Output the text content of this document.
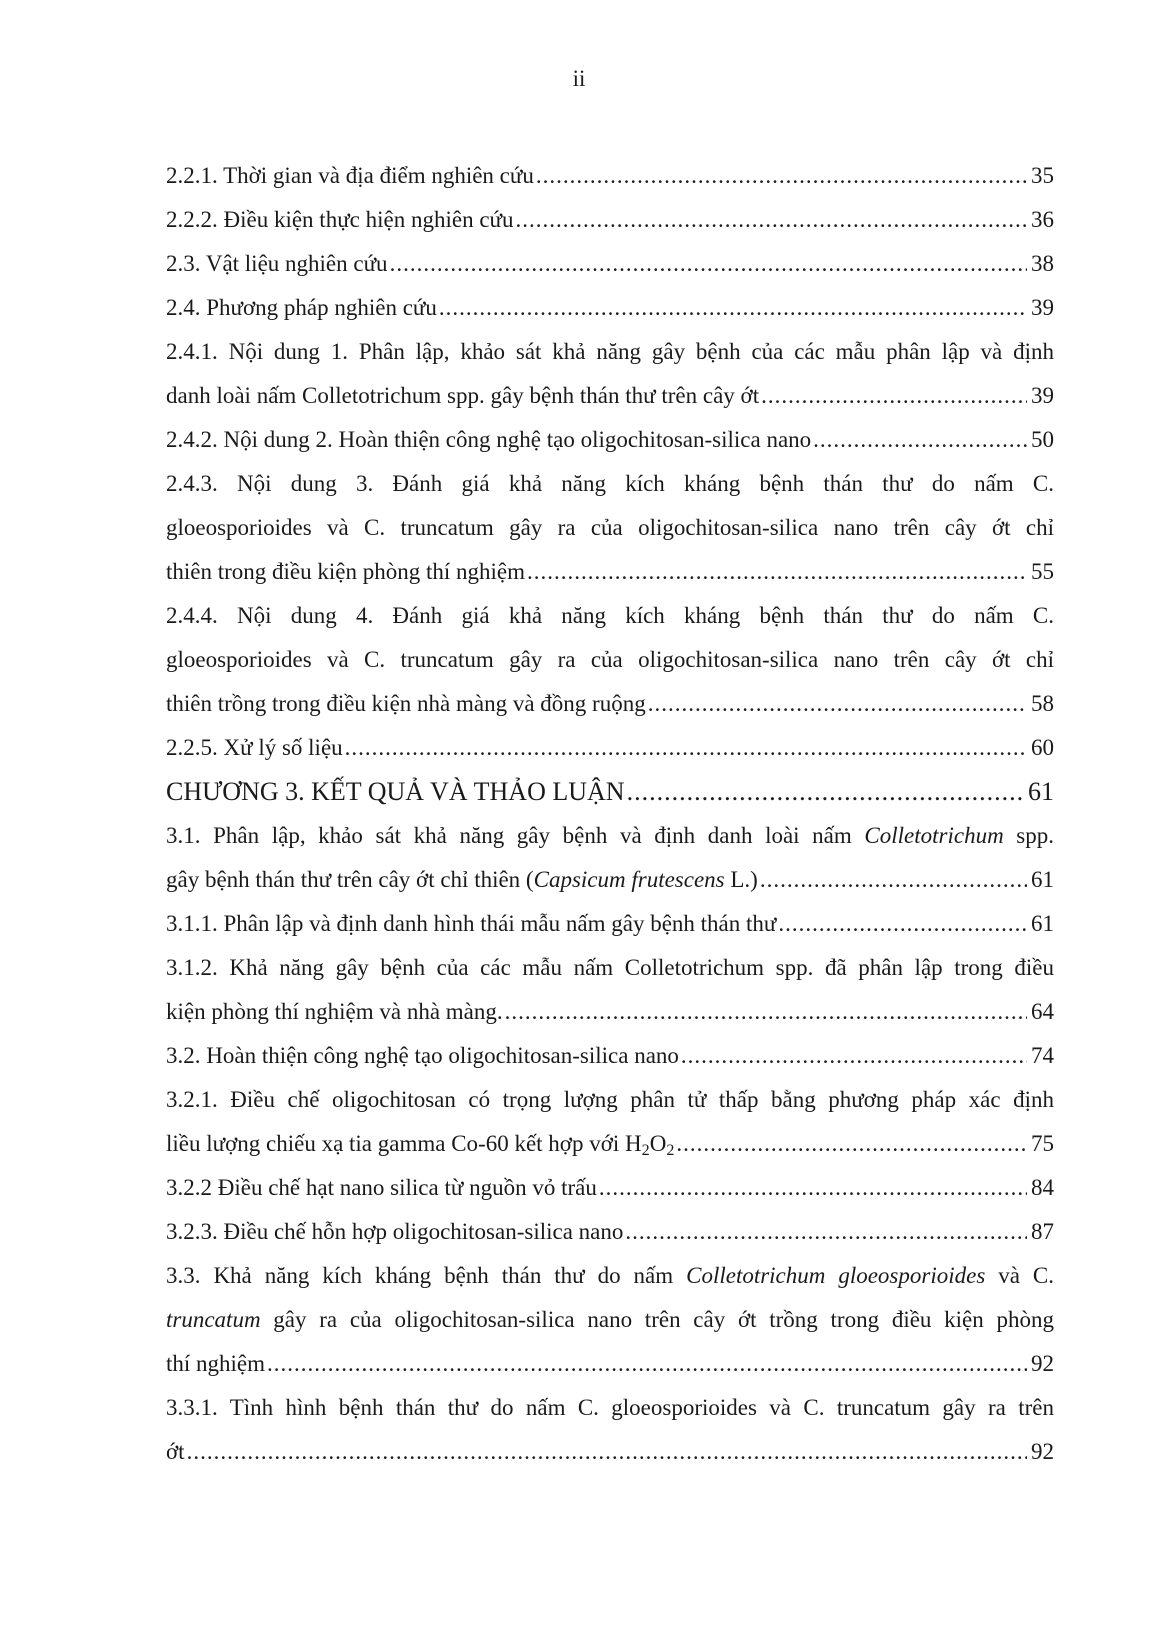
ii
2.2.1. Thời gian và địa điểm nghiên cứu .....	35
2.2.2. Điều kiện thực hiện nghiên cứu .....	36
2.3. Vật liệu nghiên cứu .....	38
2.4. Phương pháp nghiên cứu .....	39
2.4.1. Nội dung 1. Phân lập, khảo sát khả năng gây bệnh của các mẫu phân lập và định
danh loài nấm Colletotrichum spp. gây bệnh thán thư trên cây ớt .....	39
2.4.2. Nội dung 2. Hoàn thiện công nghệ tạo oligochitosan-silica nano .....	50
2.4.3. Nội dung 3. Đánh giá khả năng kích kháng bệnh thán thư do nấm C.
gloeosporioides và C. truncatum gây ra của oligochitosan-silica nano trên cây ớt chỉ
thiên trong điều kiện phòng thí nghiệm .....	55
2.4.4. Nội dung 4. Đánh giá khả năng kích kháng bệnh thán thư do nấm C.
gloeosporioides và C. truncatum gây ra của oligochitosan-silica nano trên cây ớt chỉ
thiên trồng trong điều kiện nhà màng và đồng ruộng .....	58
2.2.5. Xử lý số liệu .....	60
CHƯƠNG 3. KẾT QUẢ VÀ THẢO LUẬN .....	61
3.1. Phân lập, khảo sát khả năng gây bệnh và định danh loài nấm Colletotrichum spp.
gây bệnh thán thư trên cây ớt chỉ thiên (Capsicum frutescens L.) .....	61
3.1.1. Phân lập và định danh hình thái mẫu nấm gây bệnh thán thư .....	61
3.1.2. Khả năng gây bệnh của các mẫu nấm Colletotrichum spp. đã phân lập trong điều
kiện phòng thí nghiệm và nhà màng. .....	64
3.2. Hoàn thiện công nghệ tạo oligochitosan-silica nano .....	74
3.2.1. Điều chế oligochitosan có trọng lượng phân tử thấp bằng phương pháp xác định
liều lượng chiếu xạ tia gamma Co-60 kết hợp với $H_2O_2$ .....	75
3.2.2 Điều chế hạt nano silica từ nguồn vỏ trấu .....	84
3.2.3. Điều chế hỗn hợp oligochitosan-silica nano .....	87
3.3. Khả năng kích kháng bệnh thán thư do nấm Colletotrichum gloeosporioides và C.
truncatum gây ra của oligochitosan-silica nano trên cây ớt trồng trong điều kiện phòng
thí nghiệm .....	92
3.3.1. Tình hình bệnh thán thư do nấm C. gloeosporioides và C. truncatum gây ra trên
ớt .....	92
